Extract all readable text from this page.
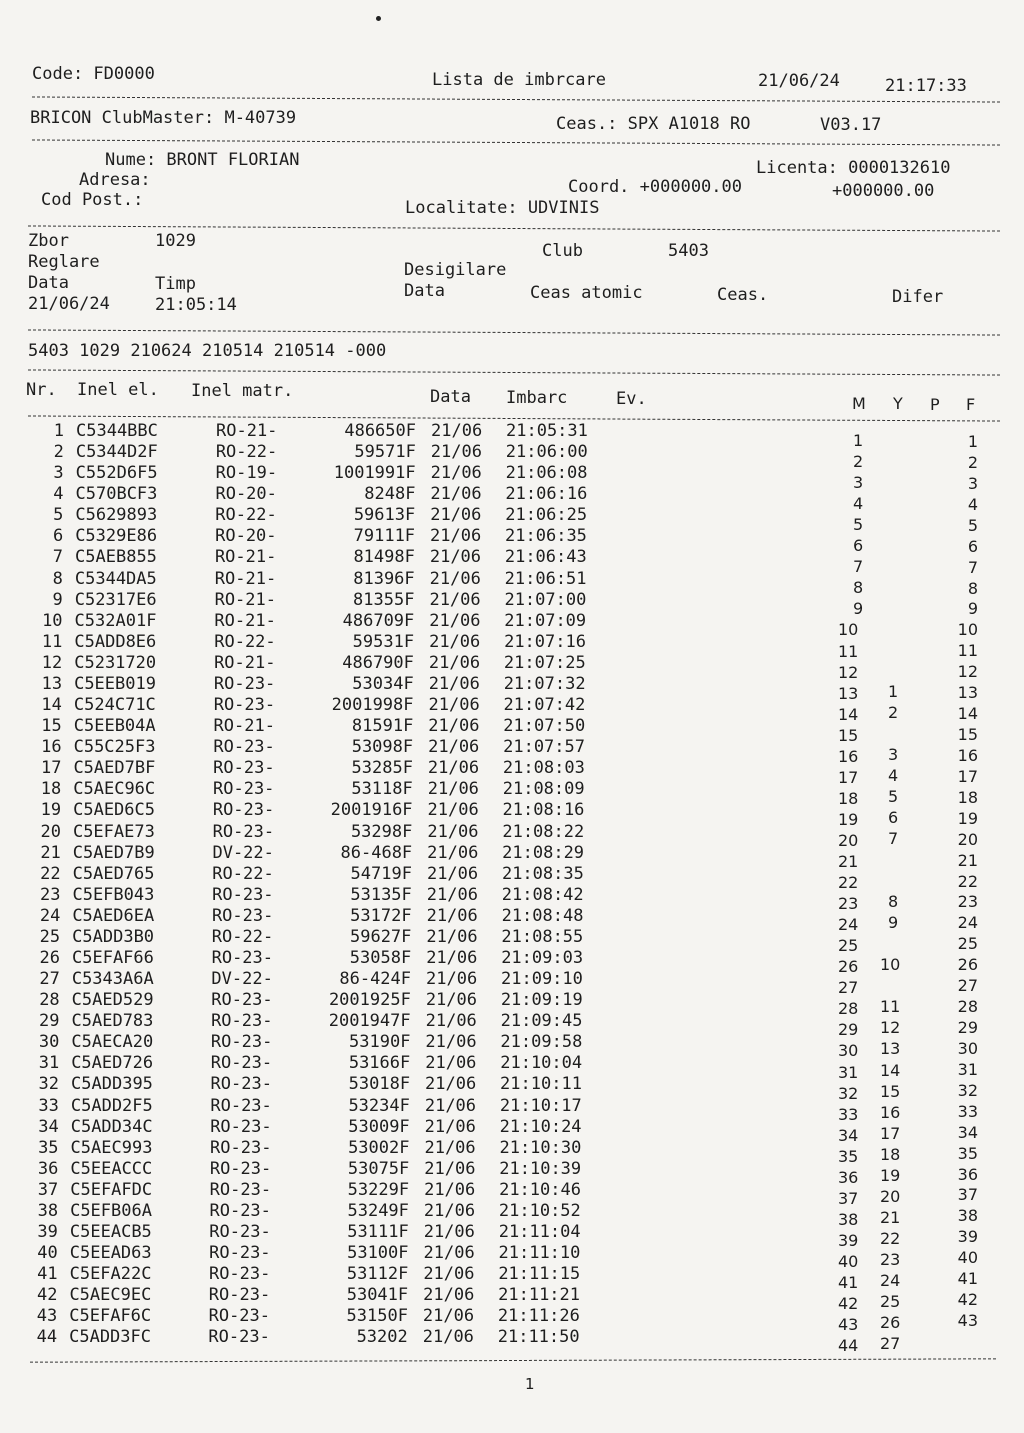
Code: FD0000	Lista de imbrcare	21/06/24	21:17:33
BRICON ClubMaster: M-40739	Ceas.: SPX A1018 RO	V03.17
Nume: BRONT FLORIAN	Licenta: 0000132610
Adresa:	Coord. +000000.00	+000000.00
Cod Post.:	Localitate: UDVINIS
Zbor	1029	Club	5403
Reglare	Desigilare
Data	Timp	Data	Ceas atomic	Ceas.	Difer
21/06/24	21:05:14
5403 1029 210624 210514 210514 -000
Nr. Inel el. Inel matr.	Data Imbarc	Ev.	M Y P F
1 C5344BBC	RO-21-	486650F 21/06 21:05:31	1	1
2 C5344D2F	RO-22-	59571F 21/06 21:06:00	2	2
3 C552D6F5	RO-19-	1001991F 21/06 21:06:08	3	3
4 C570BCF3	RO-20-	8248F 21/06 21:06:16	4	4
5 C5629893	RO-22-	59613F 21/06 21:06:25	5	5
6 C5329E86	RO-20-	79111F 21/06 21:06:35	6	6
7 C5AEB855	RO-21-	81498F 21/06 21:06:43	7	7
8 C5344DA5	RO-21-	81396F 21/06 21:06:51	8	8
9 C52317E6	RO-21-	81355F 21/06 21:07:00	9	9
10 C532A01F	RO-21-	486709F 21/06 21:07:09	10	10
11 C5ADD8E6	RO-22-	59531F 21/06 21:07:16	11	11
12 C5231720	RO-21-	486790F 21/06 21:07:25	12	12
13 C5EEB019	RO-23-	53034F 21/06 21:07:32	13 1	13
14 C524C71C	RO-23-	2001998F 21/06 21:07:42	14 2	14
15 C5EEB04A	RO-21-	81591F 21/06 21:07:50	15	15
16 C55C25F3	RO-23-	53098F 21/06 21:07:57	16 3	16
17 C5AED7BF	RO-23-	53285F 21/06 21:08:03	17 4	17
18 C5AEC96C	RO-23-	53118F 21/06 21:08:09	18 5	18
19 C5AED6C5	RO-23-	2001916F 21/06 21:08:16	19 6	19
20 C5EFAE73	RO-23-	53298F 21/06 21:08:22	20 7	20
21 C5AED7B9	DV-22-	86-468F 21/06 21:08:29	21	21
22 C5AED765	RO-22-	54719F 21/06 21:08:35	22	22
23 C5EFB043	RO-23-	53135F 21/06 21:08:42	23 8	23
24 C5AED6EA	RO-23-	53172F 21/06 21:08:48	24 9	24
25 C5ADD3B0	RO-22-	59627F 21/06 21:08:55	25	25
26 C5EFAF66	RO-23-	53058F 21/06 21:09:03	26 10	26
27 C5343A6A	DV-22-	86-424F 21/06 21:09:10	27	27
28 C5AED529	RO-23-	2001925F 21/06 21:09:19	28 11	28
29 C5AED783	RO-23-	2001947F 21/06 21:09:45	29 12	29
30 C5AECA20	RO-23-	53190F 21/06 21:09:58	30 13	30
31 C5AED726	RO-23-	53166F 21/06 21:10:04	31 14	31
32 C5ADD395	RO-23-	53018F 21/06 21:10:11	32 15	32
33 C5ADD2F5	RO-23-	53234F 21/06 21:10:17	33 16	33
34 C5ADD34C	RO-23-	53009F 21/06 21:10:24	34 17	34
35 C5AEC993	RO-23-	53002F 21/06 21:10:30	35 18	35
36 C5EEACCC	RO-23-	53075F 21/06 21:10:39	36 19	36
37 C5EFAFDC	RO-23-	53229F 21/06 21:10:46	37 20	37
38 C5EFB06A	RO-23-	53249F 21/06 21:10:52	38 21	38
39 C5EEACB5	RO-23-	53111F 21/06 21:11:04	39 22	39
40 C5EEAD63	RO-23-	53100F 21/06 21:11:10	40 23	40
41 C5EFA22C	RO-23-	53112F 21/06 21:11:15	41 24	41
42 C5AEC9EC	RO-23-	53041F 21/06 21:11:21	42 25	42
43 C5EFAF6C	RO-23-	53150F 21/06 21:11:26	43 26	43
44 C5ADD3FC	RO-23-	53202 21/06 21:11:50	44 27
1
